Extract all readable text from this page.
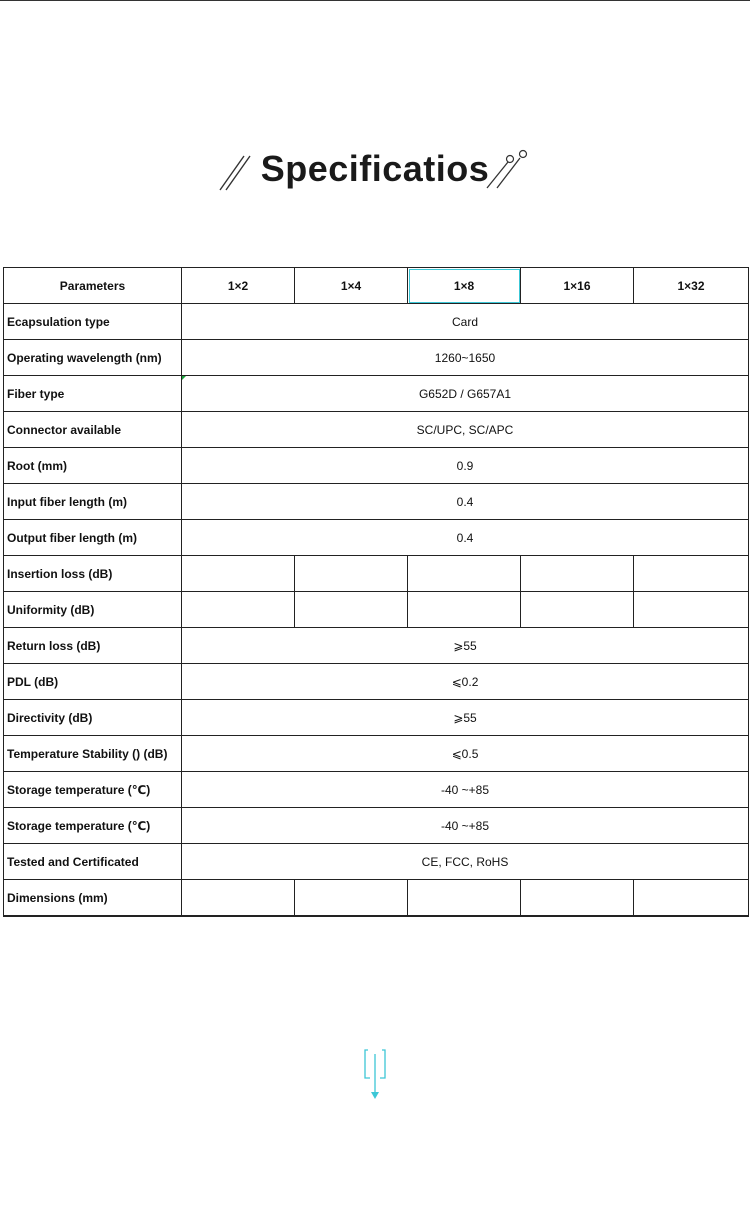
Specificatios
Parameters	1×2	1×4	1×8	1×16	1×32
Ecapsulation type	Card				
Operating wavelength (nm)	1260~1650				
Fiber type	G652D / G657A1				
Connector available	SC/UPC, SC/APC				
Root (mm)	0.9				
Input fiber length (m)	0.4				
Output fiber length (m)	0.4				
Insertion loss (dB)					
Uniformity (dB)					
Return loss (dB)	⩾55				
PDL (dB)	⩽0.2				
Directivity (dB)	⩾55				
Temperature Stability () (dB)	⩽0.5				
Storage temperature (℃)	-40 ~+85				
Storage temperature (℃)	-40 ~+85				
Tested and Certificated	CE, FCC, RoHS				
Dimensions (mm)					
